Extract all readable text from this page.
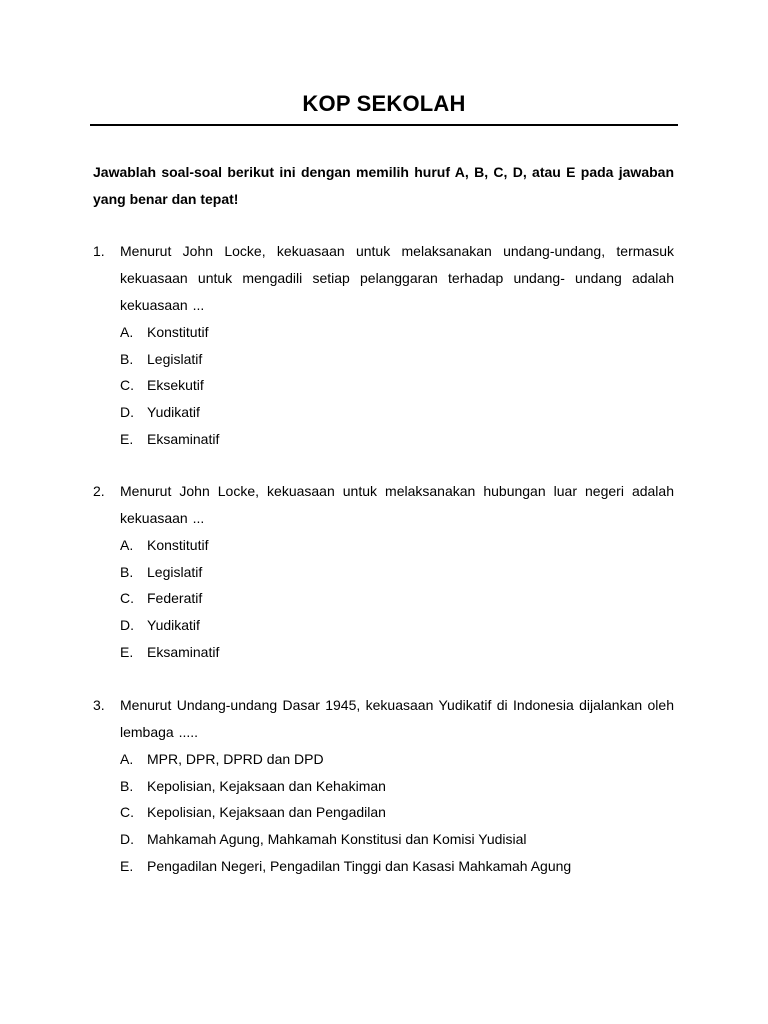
KOP SEKOLAH
Jawablah soal-soal berikut ini dengan memilih huruf A, B, C, D, atau E pada jawaban yang benar dan tepat!
1. Menurut John Locke, kekuasaan untuk melaksanakan undang-undang, termasuk kekuasaan untuk mengadili setiap pelanggaran terhadap undang- undang adalah kekuasaan ...
A. Konstitutif
B. Legislatif
C. Eksekutif
D. Yudikatif
E. Eksaminatif
2. Menurut John Locke, kekuasaan untuk melaksanakan hubungan luar negeri adalah kekuasaan ...
A. Konstitutif
B. Legislatif
C. Federatif
D. Yudikatif
E. Eksaminatif
3. Menurut Undang-undang Dasar 1945, kekuasaan Yudikatif di Indonesia dijalankan oleh lembaga .....
A. MPR, DPR, DPRD dan DPD
B. Kepolisian, Kejaksaan dan Kehakiman
C. Kepolisian, Kejaksaan dan Pengadilan
D. Mahkamah Agung, Mahkamah Konstitusi dan Komisi Yudisial
E. Pengadilan Negeri, Pengadilan Tinggi dan Kasasi Mahkamah Agung
